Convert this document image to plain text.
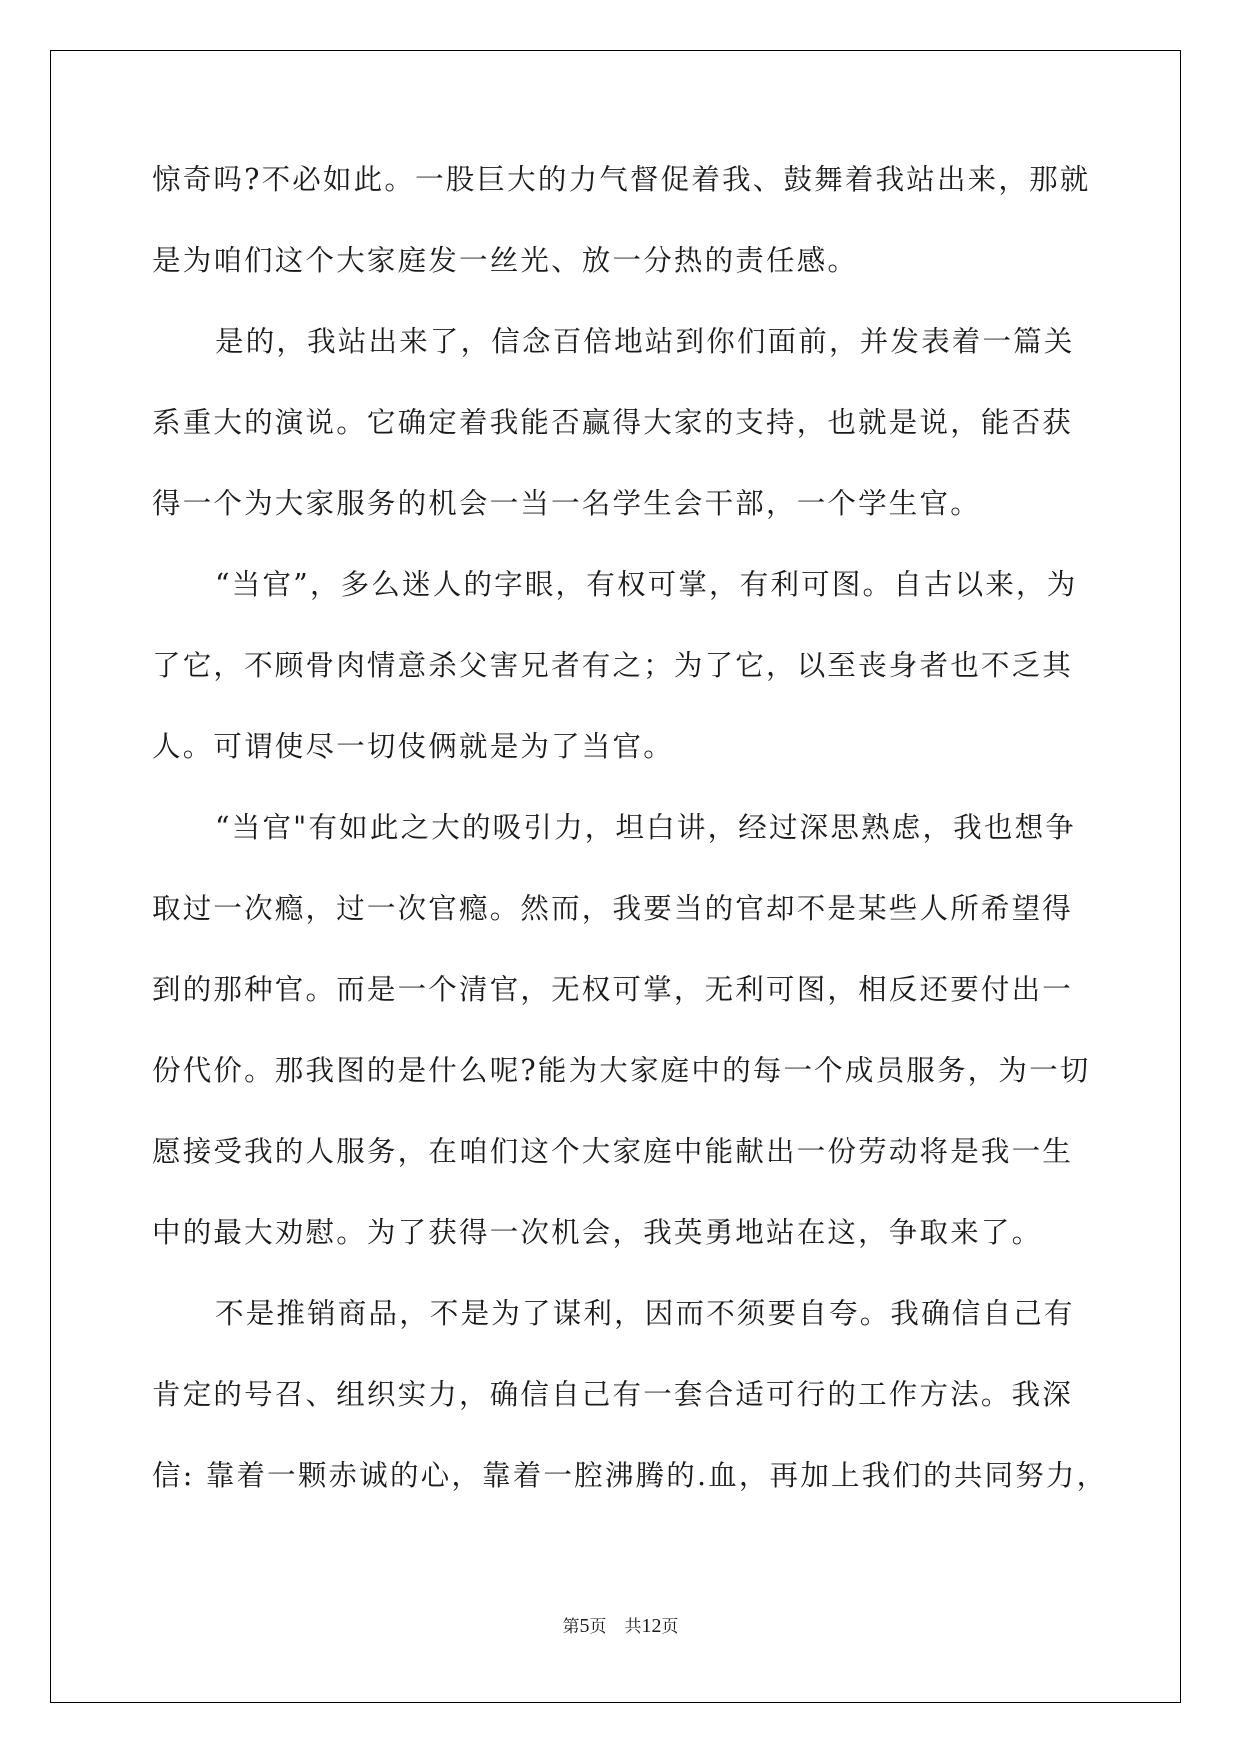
惊奇吗?不必如此。一股巨大的力气督促着我、鼓舞着我站出来，那就
是为咱们这个大家庭发一丝光、放一分热的责任感。
是的，我站出来了，信念百倍地站到你们面前，并发表着一篇关
系重大的演说。它确定着我能否赢得大家的支持，也就是说，能否获
得一个为大家服务的机会一当一名学生会干部，一个学生官。
“当官”，多么迷人的字眼，有权可掌，有利可图。自古以来，为
了它，不顾骨肉情意杀父害兄者有之；为了它，以至丧身者也不乏其
人。可谓使尽一切伎俩就是为了当官。
“当官"有如此之大的吸引力，坦白讲，经过深思熟虑，我也想争
取过一次瘾，过一次官瘾。然而，我要当的官却不是某些人所希望得
到的那种官。而是一个清官，无权可掌，无利可图，相反还要付出一
份代价。那我图的是什么呢?能为大家庭中的每一个成员服务，为一切
愿接受我的人服务，在咱们这个大家庭中能献出一份劳动将是我一生
中的最大劝慰。为了获得一次机会，我英勇地站在这，争取来了。
不是推销商品，不是为了谋利，因而不须要自夸。我确信自己有
肯定的号召、组织实力，确信自己有一套合适可行的工作方法。我深
信: 靠着一颗赤诚的心，靠着一腔沸腾的.血，再加上我们的共同努力，
第5页 共12页
